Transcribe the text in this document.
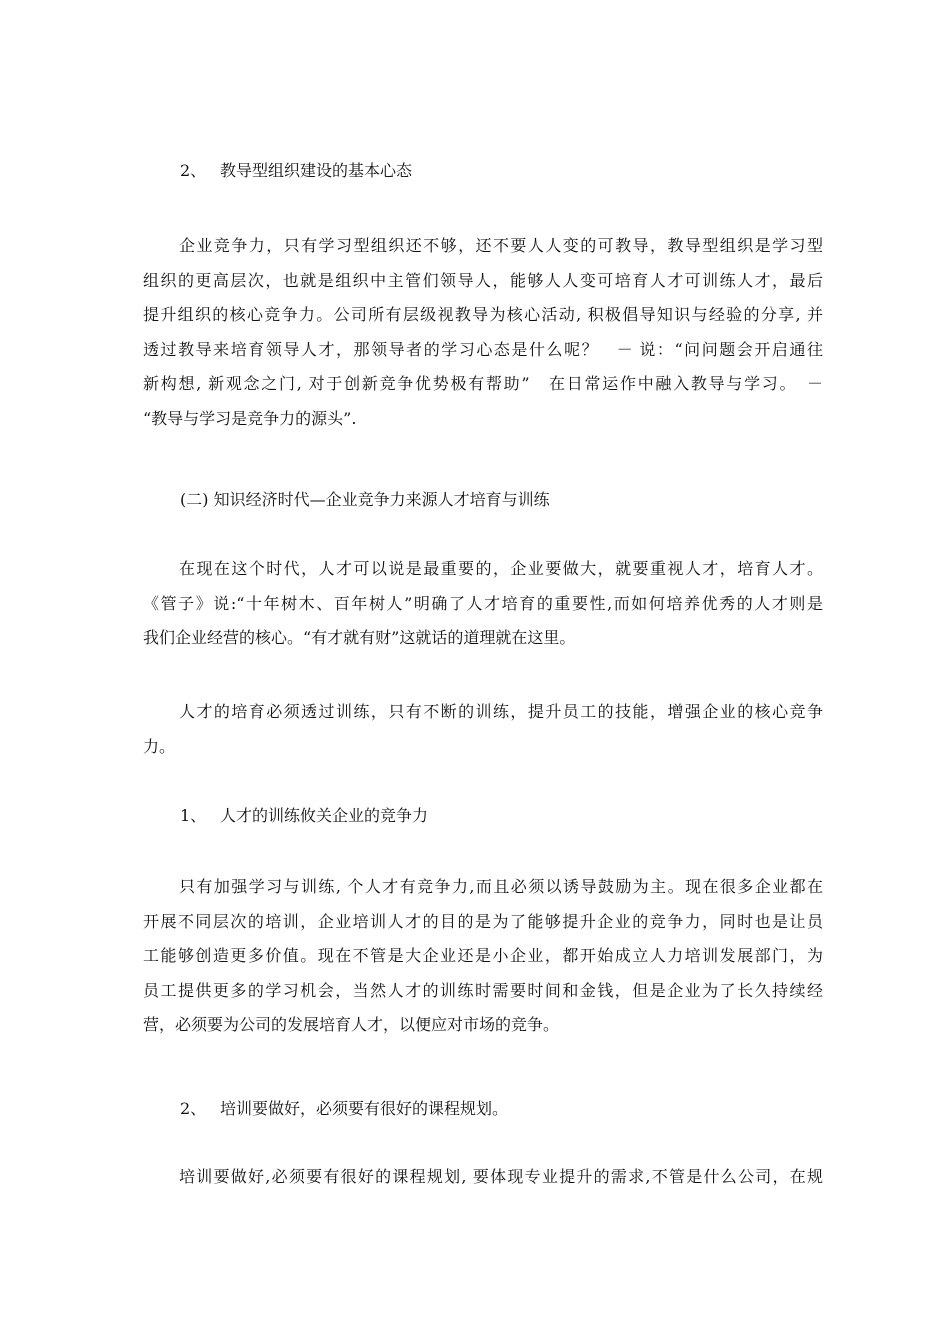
2、 教导型组织建设的基本心态
企业竞争力，只有学习型组织还不够，还不要人人变的可教导，教导型组织是学习型
组织的更高层次，也就是组织中主管们领导人，能够人人变可培育人才可训练人才，最后
提升组织的核心竞争力。公司所有层级视教导为核心活动, 积极倡导知识与经验的分享, 并
透过教导来培育领导人才，那领导者的学习心态是什么呢？　－ 说：“问问题会开启通往
新构想, 新观念之门, 对于创新竞争优势极有帮助”　在日常运作中融入教导与学习。　－
“教导与学习是竞争力的源头”.
(二) 知识经济时代—企业竞争力来源人才培育与训练
在现在这个时代，人才可以说是最重要的，企业要做大，就要重视人才，培育人才。
《管子》说:“十年树木、百年树人”明确了人才培育的重要性,而如何培养优秀的人才则是
我们企业经营的核心。“有才就有财”这就话的道理就在这里。
人才的培育必须透过训练，只有不断的训练，提升员工的技能，增强企业的核心竞争
力。
1、 人才的训练攸关企业的竞争力
只有加强学习与训练, 个人才有竞争力,而且必须以诱导鼓励为主。现在很多企业都在
开展不同层次的培训，企业培训人才的目的是为了能够提升企业的竞争力，同时也是让员
工能够创造更多价值。现在不管是大企业还是小企业，都开始成立人力培训发展部门，为
员工提供更多的学习机会，当然人才的训练时需要时间和金钱，但是企业为了长久持续经
营，必须要为公司的发展培育人才，以便应对市场的竞争。
2、 培训要做好，必须要有很好的课程规划。
培训要做好,必须要有很好的课程规划, 要体现专业提升的需求,不管是什么公司，在规
